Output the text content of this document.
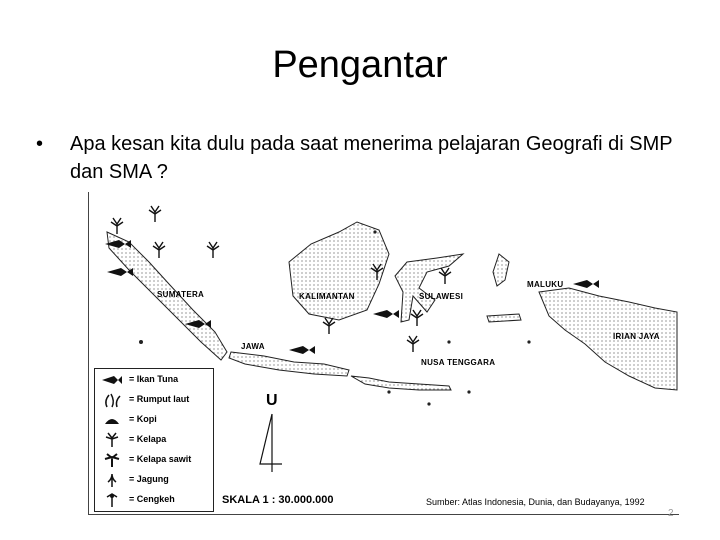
Pengantar
• Apa kesan kita dulu pada saat menerima pelajaran Geografi di SMP dan SMA ?
SUMATERA	KALIMANTAN	SULAWESI
MALUKU
JAWA
NUSA TENGGARA
IRIAN JAYA
= Ikan Tuna
= Rumput laut
= Kopi
= Kelapa
= Kelapa sawit
= Jagung
= Cengkeh
U
SKALA 1 : 30.000.000	Sumber: Atlas Indonesia, Dunia, dan Budayanya, 1992
2
